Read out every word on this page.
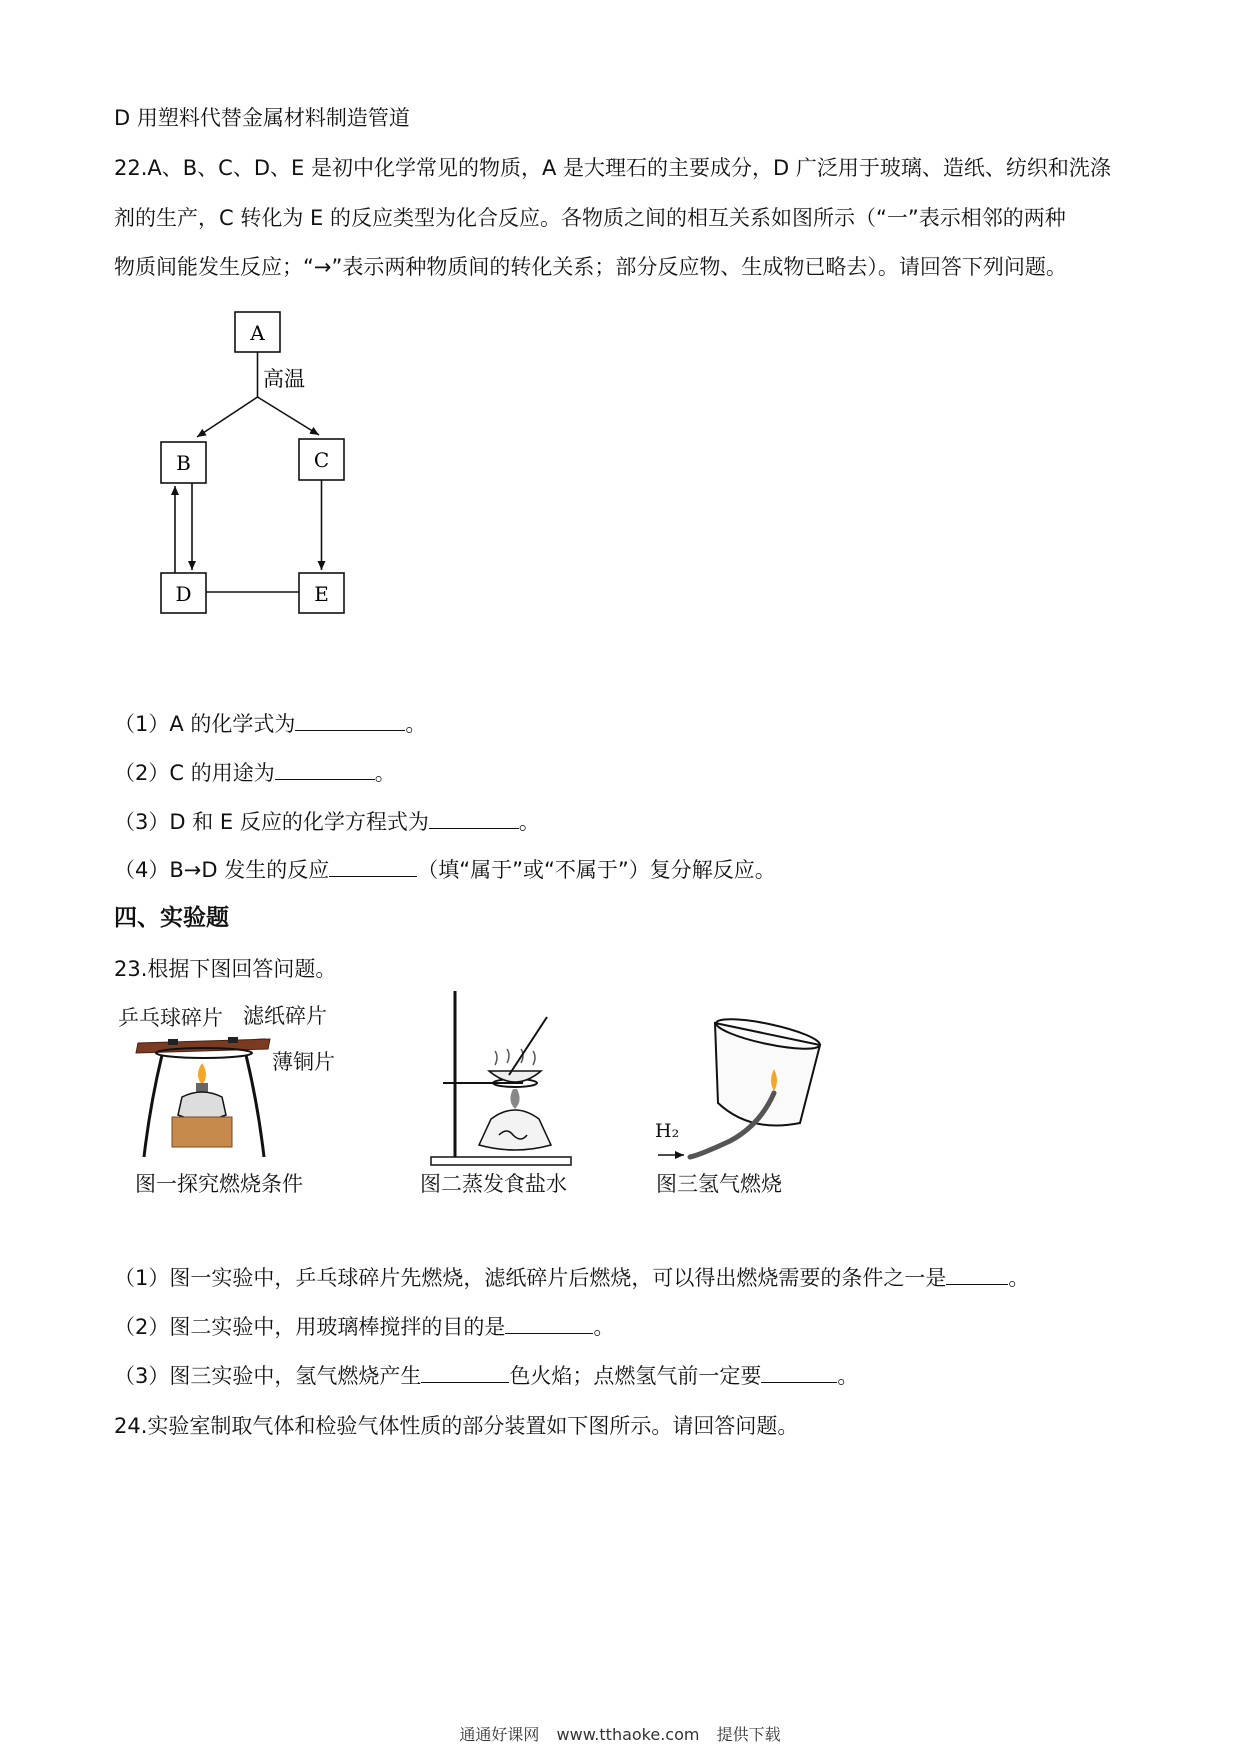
D 用塑料代替金属材料制造管道
22.A、B、C、D、E 是初中化学常见的物质，A 是大理石的主要成分，D 广泛用于玻璃、造纸、纺织和洗涤
剂的生产，C 转化为 E 的反应类型为化合反应。各物质之间的相互关系如图所示（“一”表示相邻的两种
物质间能发生反应；“→”表示两种物质间的转化关系；部分反应物、生成物已略去）。请回答下列问题。
A
高温
B	C
D	E
（1）A 的化学式为	。
（2）C 的用途为	。
（3）D 和 E 反应的化学方程式为	。
（4）B→D 发生的反应	（填“属于”或“不属于”）复分解反应。
四、实验题
23.根据下图回答问题。
乒乓球碎片 滤纸碎片
薄铜片
图一探究燃烧条件	图二蒸发食盐水
H₂
图三氢气燃烧
（1）图一实验中，乒乓球碎片先燃烧，滤纸碎片后燃烧，可以得出燃烧需要的条件之一是	。
（2）图二实验中，用玻璃棒搅拌的目的是	。
（3）图三实验中，氢气燃烧产生	色火焰；点燃氢气前一定要	。
24.实验室制取气体和检验气体性质的部分装置如下图所示。请回答问题。
通通好课网 www.tthaoke.com 提供下载
